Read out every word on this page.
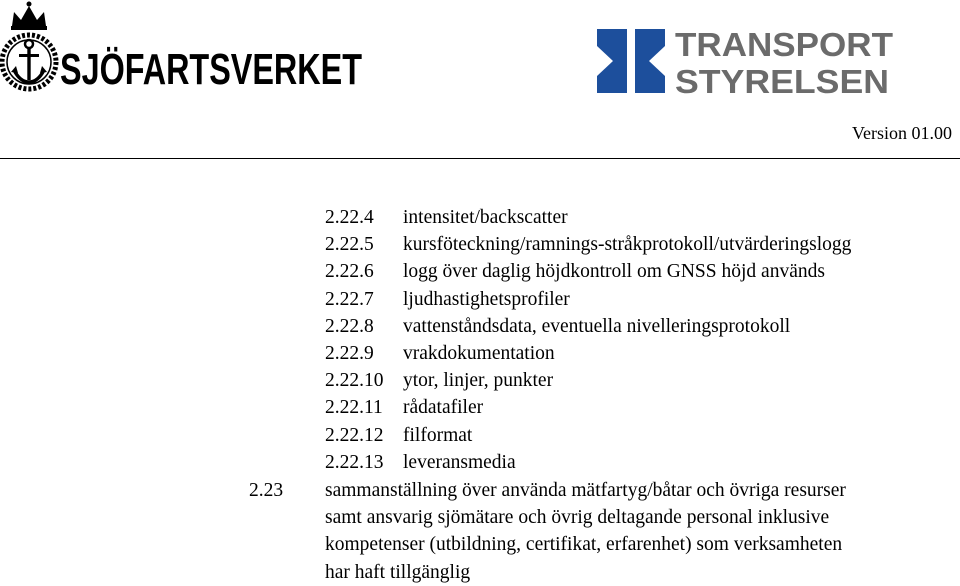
SJÖFARTSVERKET
TRANSPORT
STYRELSEN
Version 01.00
2.22.4	intensitet/backscatter
2.22.5	kursföteckning/ramnings-stråkprotokoll/utvärderingslogg
2.22.6	logg över daglig höjdkontroll om GNSS höjd används
2.22.7	ljudhastighetsprofiler
2.22.8	vattenståndsdata, eventuella nivelleringsprotokoll
2.22.9	vrakdokumentation
2.22.10	ytor, linjer, punkter
2.22.11	rådatafiler
2.22.12	filformat
2.22.13	leveransmedia
2.23	sammanställning över använda mätfartyg/båtar och övriga resurser
samt ansvarig sjömätare och övrig deltagande personal inklusive
kompetenser (utbildning, certifikat, erfarenhet) som verksamheten
har haft tillgänglig
